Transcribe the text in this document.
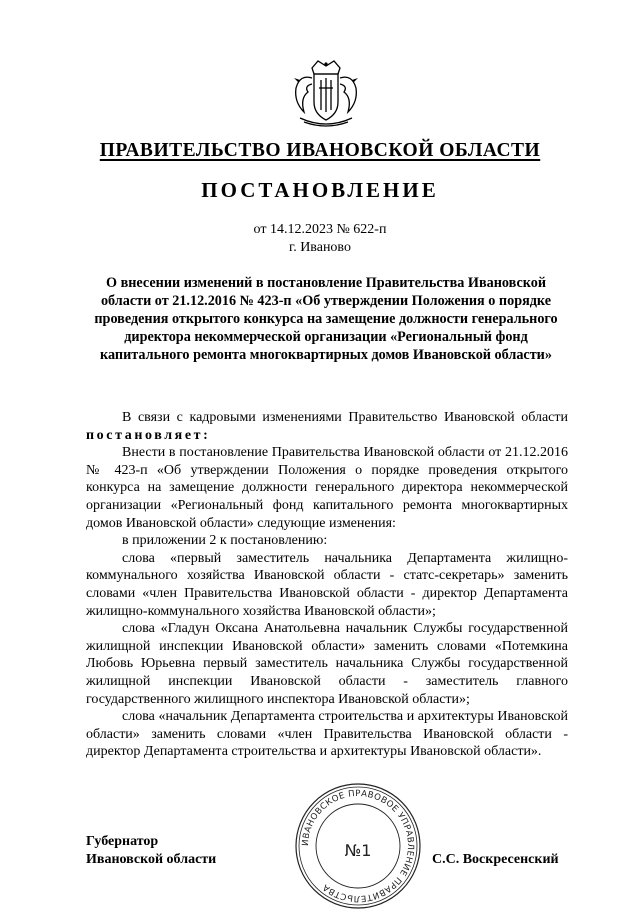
ПРАВИТЕЛЬСТВО ИВАНОВСКОЙ ОБЛАСТИ
ПОСТАНОВЛЕНИЕ
от 14.12.2023 № 622-п
г. Иваново
О внесении изменений в постановление Правительства Ивановской области от 21.12.2016 № 423-п «Об утверждении Положения о порядке проведения открытого конкурса на замещение должности генерального директора некоммерческой организации «Региональный фонд капитального ремонта многоквартирных домов Ивановской области»

В связи с кадровыми изменениями Правительство Ивановской области постановляет:

Внести в постановление Правительства Ивановской области от 21.12.2016 № 423-п «Об утверждении Положения о порядке проведения открытого конкурса на замещение должности генерального директора некоммерческой организации «Региональный фонд капитального ремонта многоквартирных домов Ивановской области» следующие изменения:

в приложении 2 к постановлению:

слова «первый заместитель начальника Департамента жилищно-коммунального хозяйства Ивановской области - статс-секретарь» заменить словами «член Правительства Ивановской области - директор Департамента жилищно-коммунального хозяйства Ивановской области»;

слова «Гладун Оксана Анатольевна начальник Службы государственной жилищной инспекции Ивановской области» заменить словами «Потемкина Любовь Юрьевна первый заместитель начальника Службы государственной жилищной инспекции Ивановской области - заместитель главного государственного жилищного инспектора Ивановской области»;

слова «начальник Департамента строительства и архитектуры Ивановской области» заменить словами «член Правительства Ивановской области - директор Департамента строительства и архитектуры Ивановской области».

Губернатор
Ивановской области
ИВАНОВСКОЕ ПРАВОВОЕ УПРАВЛЕНИЕ ПРАВИТЕЛЬСТВА
№1	С.С. Воскресенский
